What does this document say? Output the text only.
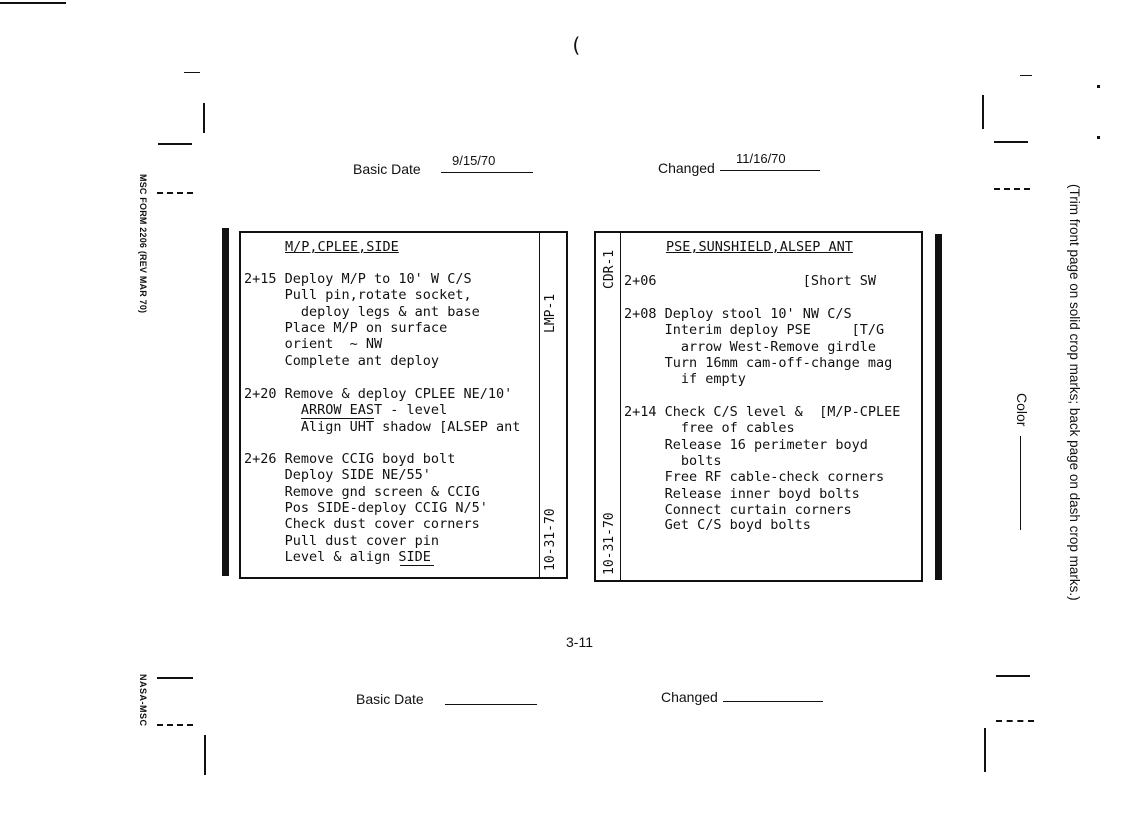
Basic Date
9/15/70	Changed
11/16/70
MSC FORM 2206 (REV MAR 70)
NASA-MSC
(Trim front page on solid crop marks; back page on dash crop marks.)
Color
M/P,CPLEE,SIDE
LMP-1
10-31-70
2+15 Deploy M/P to 10' W C/S
Pull pin,rotate socket,
deploy legs & ant base
Place M/P on surface
orient  ~ NW
Complete ant deploy
2+20 Remove & deploy CPLEE NE/10'
ARROW EAST - level
Align UHT shadow [ALSEP ant
2+26 Remove CCIG boyd bolt
Deploy SIDE NE/55'
Remove gnd screen & CCIG
Pos SIDE-deploy CCIG N/5'
Check dust cover corners
Pull dust cover pin
Level & align SIDE
PSE,SUNSHIELD,ALSEP ANT
CDR-1
10-31-70
2+06                  [Short SW
2+08 Deploy stool 10' NW C/S
Interim deploy PSE     [T/G
arrow West-Remove girdle
Turn 16mm cam-off-change mag
if empty
2+14 Check C/S level &  [M/P-CPLEE
free of cables
Release 16 perimeter boyd
bolts
Free RF cable-check corners
Release inner boyd bolts
Connect curtain corners
Get C/S boyd bolts
3-11
Basic Date	Changed
(
